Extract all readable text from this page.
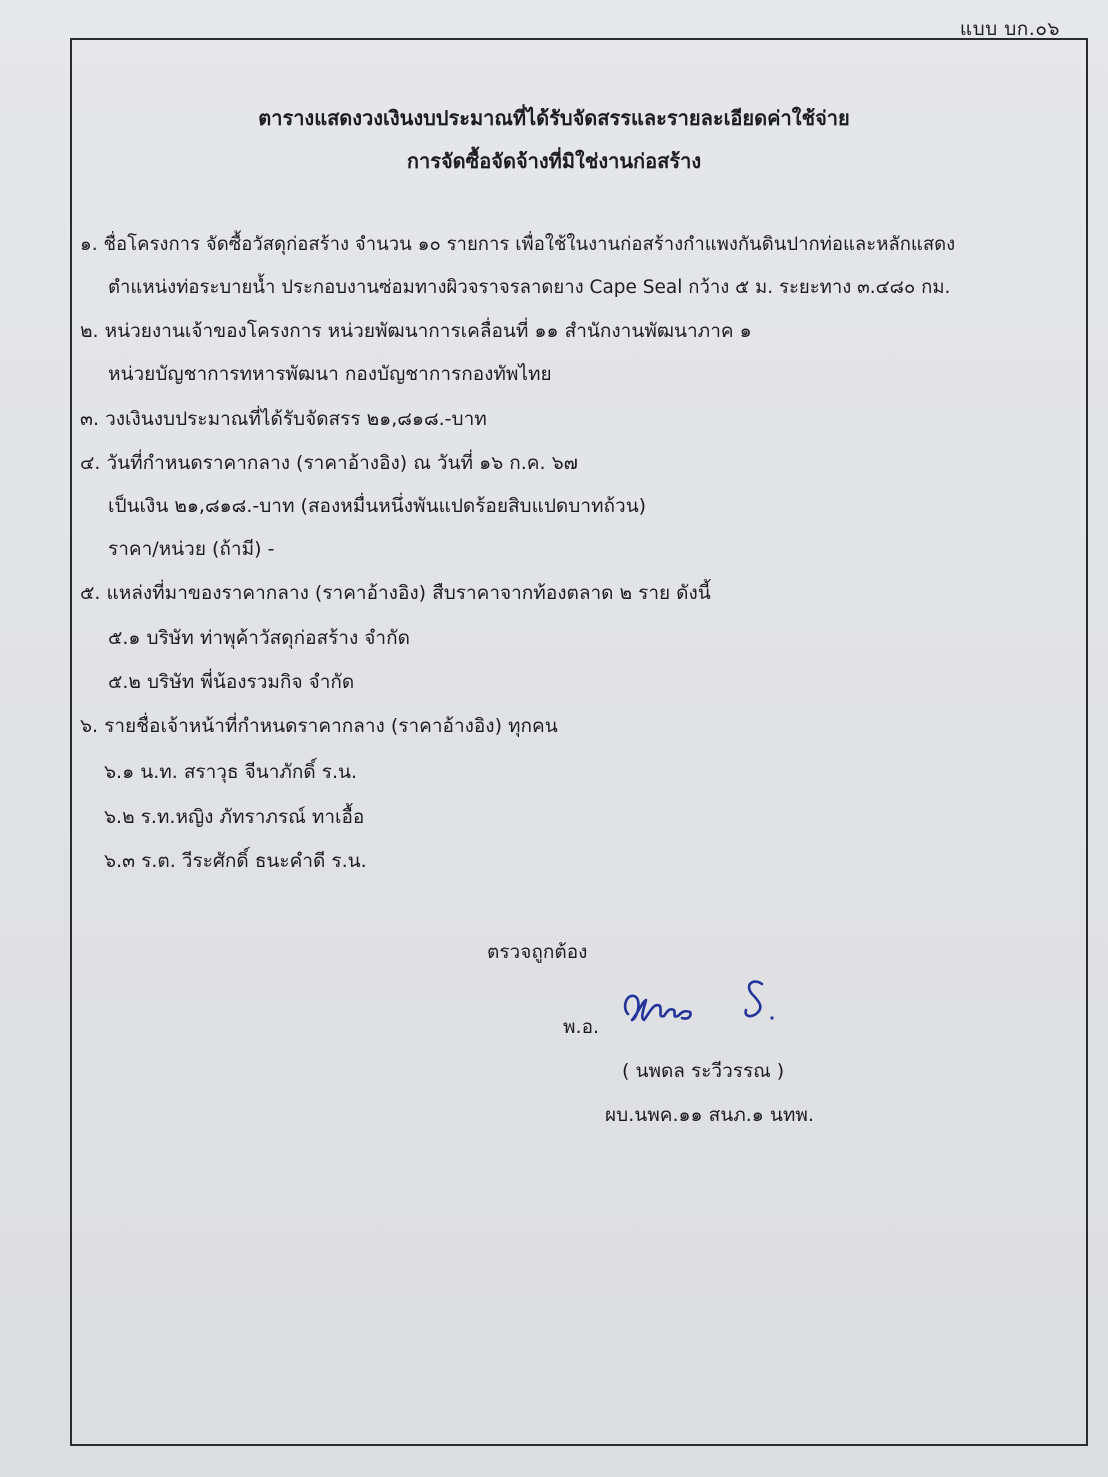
แบบ บก.๐๖
ตารางแสดงวงเงินงบประมาณที่ได้รับจัดสรรและรายละเอียดค่าใช้จ่าย
การจัดซื้อจัดจ้างที่มิใช่งานก่อสร้าง
๑. ชื่อโครงการ จัดซื้อวัสดุก่อสร้าง จำนวน ๑๐ รายการ เพื่อใช้ในงานก่อสร้างกำแพงกันดินปากท่อและหลักแสดง
ตำแหน่งท่อระบายน้ำ ประกอบงานซ่อมทางผิวจราจรลาดยาง Cape Seal กว้าง ๕ ม. ระยะทาง ๓.๔๘๐ กม.
๒. หน่วยงานเจ้าของโครงการ หน่วยพัฒนาการเคลื่อนที่ ๑๑ สำนักงานพัฒนาภาค ๑
หน่วยบัญชาการทหารพัฒนา กองบัญชาการกองทัพไทย
๓. วงเงินงบประมาณที่ได้รับจัดสรร ๒๑,๘๑๘.-บาท
๔. วันที่กำหนดราคากลาง (ราคาอ้างอิง) ณ วันที่ ๑๖ ก.ค. ๖๗
เป็นเงิน ๒๑,๘๑๘.-บาท (สองหมื่นหนึ่งพันแปดร้อยสิบแปดบาทถ้วน)
ราคา/หน่วย (ถ้ามี) -
๕. แหล่งที่มาของราคากลาง (ราคาอ้างอิง) สืบราคาจากท้องตลาด ๒ ราย ดังนี้
๕.๑ บริษัท ท่าพุค้าวัสดุก่อสร้าง จำกัด
๕.๒ บริษัท พี่น้องรวมกิจ จำกัด
๖. รายชื่อเจ้าหน้าที่กำหนดราคากลาง (ราคาอ้างอิง) ทุกคน
๖.๑ น.ท. สราวุธ จีนาภักดิ์ ร.น.
๖.๒ ร.ท.หญิง ภัทราภรณ์ ทาเอื้อ
๖.๓ ร.ต. วีระศักดิ์ ธนะคำดี ร.น.
ตรวจถูกต้อง
พ.อ.
( นพดล ระวีวรรณ )
ผบ.นพค.๑๑ สนภ.๑ นทพ.
